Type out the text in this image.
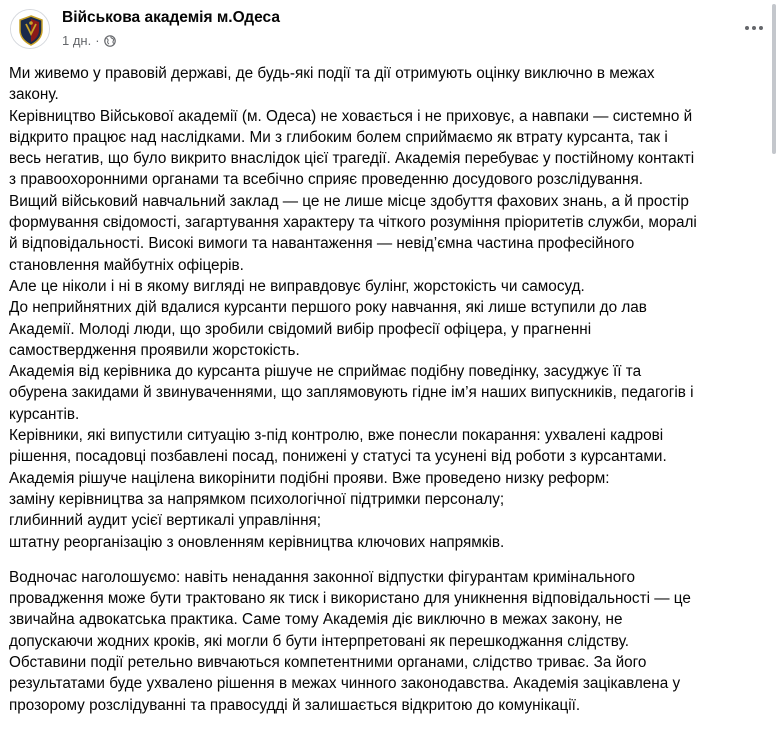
Військова академія м.Одеса
1 дн. ·
Ми живемо у правовій державі, де будь-які події та дії отримують оцінку виключно в межах
закону.
Керівництво Військової академії (м. Одеса) не ховається і не приховує, а навпаки — системно й
відкрито працює над наслідками. Ми з глибоким болем сприймаємо як втрату курсанта, так і
весь негатив, що було викрито внаслідок цієї трагедії. Академія перебуває у постійному контакті
з правоохоронними органами та всебічно сприяє проведенню досудового розслідування.
Вищий військовий навчальний заклад — це не лише місце здобуття фахових знань, а й простір
формування свідомості, загартування характеру та чіткого розуміння пріоритетів служби, моралі
й відповідальності. Високі вимоги та навантаження — невід’ємна частина професійного
становлення майбутніх офіцерів.
Але це ніколи і ні в якому вигляді не виправдовує булінг, жорстокість чи самосуд.
До неприйнятних дій вдалися курсанти першого року навчання, які лише вступили до лав
Академії. Молоді люди, що зробили свідомий вибір професії офіцера, у прагненні
самоствердження проявили жорстокість.
Академія від керівника до курсанта рішуче не сприймає подібну поведінку, засуджує її та
обурена закидами й звинуваченнями, що заплямовують гідне ім’я наших випускників, педагогів і
курсантів.
Керівники, які випустили ситуацію з-під контролю, вже понесли покарання: ухвалені кадрові
рішення, посадовці позбавлені посад, понижені у статусі та усунені від роботи з курсантами.
Академія рішуче націлена викорінити подібні прояви. Вже проведено низку реформ:
заміну керівництва за напрямком психологічної підтримки персоналу;
глибинний аудит усієї вертикалі управління;
штатну реорганізацію з оновленням керівництва ключових напрямків.
Водночас наголошуємо: навіть ненадання законної відпустки фігурантам кримінального
провадження може бути трактовано як тиск і використано для уникнення відповідальності — це
звичайна адвокатська практика. Саме тому Академія діє виключно в межах закону, не
допускаючи жодних кроків, які могли б бути інтерпретовані як перешкоджання слідству.
Обставини події ретельно вивчаються компетентними органами, слідство триває. За його
результатами буде ухвалено рішення в межах чинного законодавства. Академія зацікавлена у
прозорому розслідуванні та правосудді й залишається відкритою до комунікації.
